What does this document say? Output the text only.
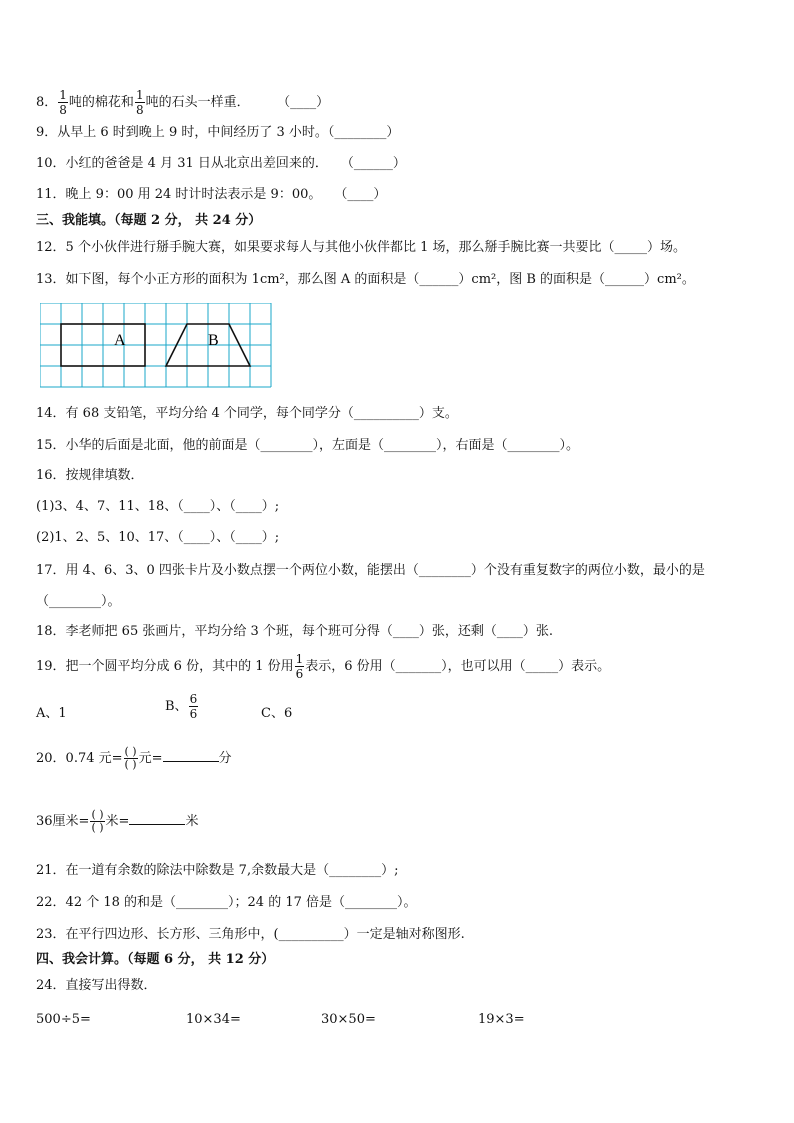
8． $\frac{1}{8}$ 吨的棉花和 $\frac{1}{8}$ 吨的石头一样重．	（____）
9．从早上 6 时到晚上 9 时，中间经历了 3 小时。（________）
10．小红的爸爸是 4 月 31 日从北京出差回来的．　　（______）
11．晚上 9：00 用 24 时计时法表示是 9：00。　　（____）
三、我能填。（每题 2 分， 共 24 分）
12．5 个小伙伴进行掰手腕大赛，如果要求每人与其他小伙伴都比 1 场，那么掰手腕比赛一共要比（_____）场。
13．如下图，每个小正方形的面积为 1cm²，那么图 A 的面积是（______）cm²，图 B 的面积是（______）cm²。
A	B
14．有 68 支铅笔，平均分给 4 个同学，每个同学分（__________）支。
15．小华的后面是北面，他的前面是（________），左面是（________），右面是（________）。
16．按规律填数．
(1)3、4、7、11、18、（____）、（____）;
(2)1、2、5、10、17、（____）、（____）;
17．用 4、6、3、0 四张卡片及小数点摆一个两位小数，能摆出（________）个没有重复数字的两位小数，最小的是
（________）。
18．李老师把 65 张画片，平均分给 3 个班，每个班可分得（____）张，还剩（____）张.
19．把一个圆平均分成 6 份，其中的 1 份用 $\frac{1}{6}$ 表示，6 份用（_______），也可以用（_____）表示。
A、1	B、 $\frac{6}{6}$	C、6
20．0.74 元= $\frac{( )}{( )}$ 元=	分
36厘米= $\frac{( )}{( )}$ 米=	米
21．在一道有余数的除法中除数是 7,余数最大是（________）;
22．42 个 18 的和是（________）；24 的 17 倍是（________）。
23．在平行四边形、长方形、三角形中，(__________）一定是轴对称图形.
四、我会计算。（每题 6 分， 共 12 分）
24．直接写出得数．
500÷5=	10×34=	30×50=	19×3=
